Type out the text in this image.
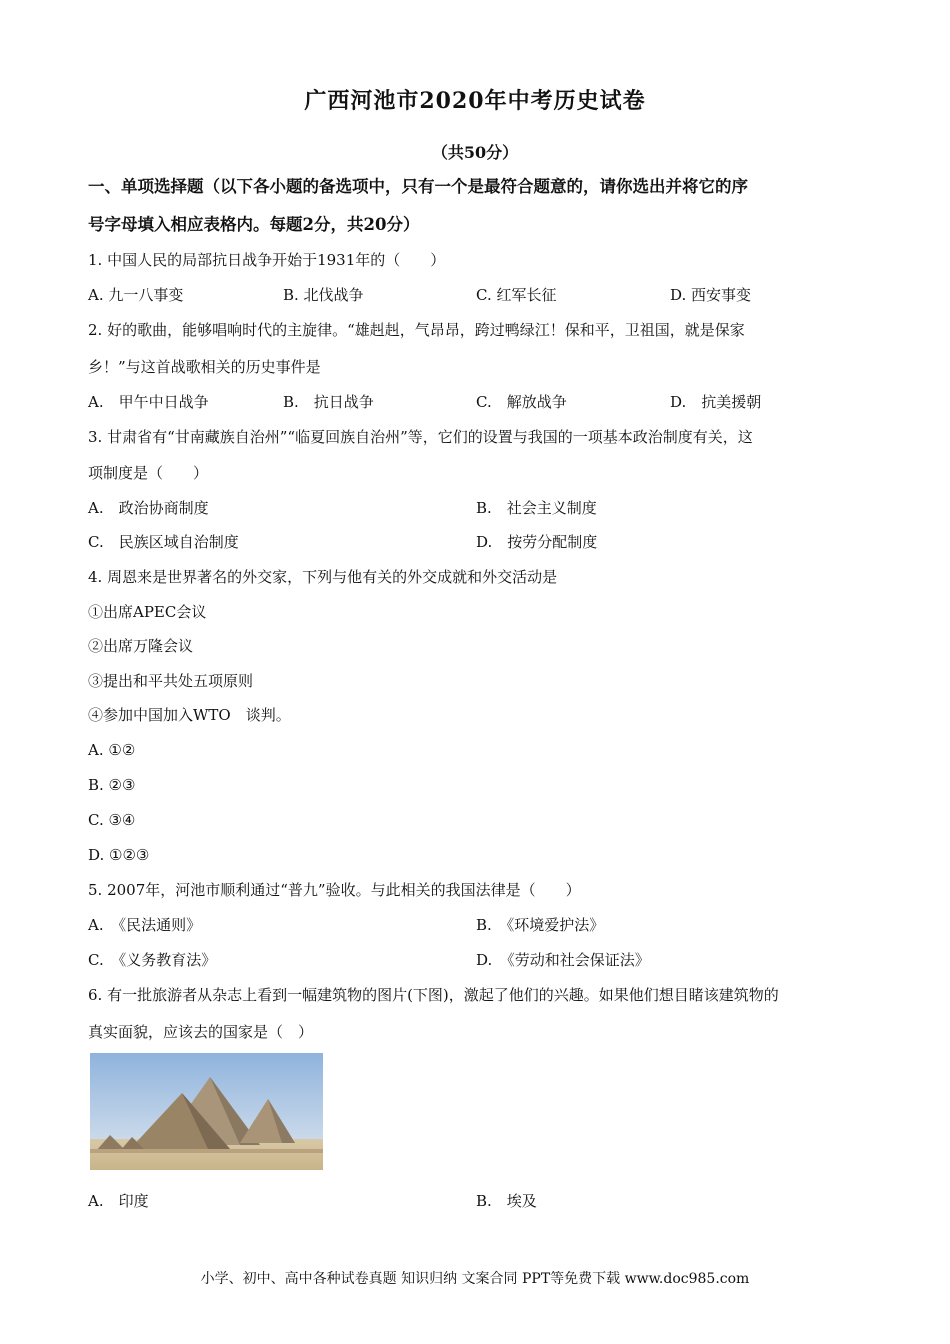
广西河池市2020年中考历史试卷
（共50分）
一、单项选择题（以下各小题的备选项中，只有一个是最符合题意的，请你选出并将它的序
号字母填入相应表格内。每题2分，共20分）
1. 中国人民的局部抗日战争开始于1931年的（　　）
A. 九一八事变	B. 北伐战争	C. 红军长征	D. 西安事变
2. 好的歌曲，能够唱响时代的主旋律。“雄赳赳，气昂昂，跨过鸭绿江！保和平，卫祖国，就是保家
乡！”与这首战歌相关的历史事件是
A.　甲午中日战争	B.　抗日战争	C.　解放战争	D.　抗美援朝
3. 甘肃省有“甘南藏族自治州”“临夏回族自治州”等，它们的设置与我国的一项基本政治制度有关，这
项制度是（　　）
A.　政治协商制度	B.　社会主义制度
C.　民族区域自治制度	D.　按劳分配制度
4. 周恩来是世界著名的外交家，下列与他有关的外交成就和外交活动是
①出席APEC会议
②出席万隆会议
③提出和平共处五项原则
④参加中国加入WTO　谈判。
A. ①②
B. ②③
C. ③④
D. ①②③
5. 2007年，河池市顺利通过“普九”验收。与此相关的我国法律是（　　）
A.　《民法通则》	B.　《环境爱护法》
C.　《义务教育法》	D.　《劳动和社会保证法》
6. 有一批旅游者从杂志上看到一幅建筑物的图片(下图)，激起了他们的兴趣。如果他们想目睹该建筑物的
真实面貌，应该去的国家是（　）
A.　印度	B.　埃及
小学、初中、高中各种试卷真题 知识归纳 文案合同 PPT等免费下载 www.doc985.com
